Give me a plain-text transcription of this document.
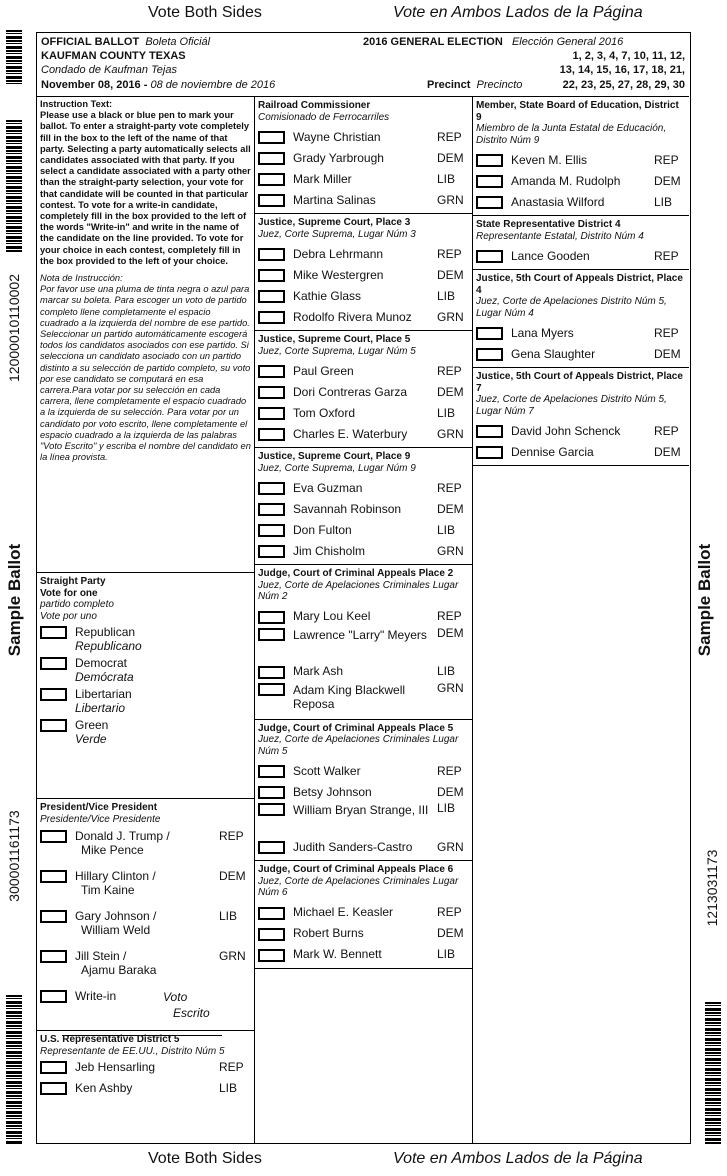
Vote Both Sides	Vote en Ambos Lados de la Página
12000010110002
Sample Ballot
300001161173
Sample Ballot
1213031173
OFFICIAL BALLOT Boleta Oficiál
KAUFMAN COUNTY TEXAS
Condado de Kaufman Tejas
November 08, 2016 - 08 de noviembre de 2016
2016 GENERAL ELECTION Elección General 2016
1, 2, 3, 4, 7, 10, 11, 12,
13, 14, 15, 16, 17, 18, 21,
Precinct Precincto	22, 23, 25, 27, 28, 29, 30

Instruction Text:
Please use a black or blue pen to mark your ballot. To enter a straight-party vote completely fill in the box to the left of the name of that party. Selecting a party automatically selects all candidates associated with that party. If you select a candidate associated with a party other than the straight-party selection, your vote for that candidate will be counted in that particular contest. To vote for a write-in candidate, completely fill in the box provided to the left of the words "Write-in" and write in the name of the candidate on the line provided. To vote for your choice in each contest, completely fill in the box provided to the left of your choice.

Nota de Instrucción:
Por favor use una pluma de tinta negra o azul para marcar su boleta. Para escoger un voto de partido completo llene completamente el espacio cuadrado a la izquierda del nombre de ese partido. Seleccionar un partido automáticamente escogerá todos los candidatos asociados con ese partido. Si selecciona un candidato asociado con un partido distinto a su selección de partido completo, su voto por ese candidato se computará en esa carrera.Para votar por su selección en cada carrera, llene completamente el espacio cuadrado a la izquierda de su selección. Para votar por un candidato por voto escrito, llene completamente el espacio cuadrado a la izquierda de las palabras "Voto Escrito" y escriba el nombre del candidato en la línea provista.

Straight Party
Vote for one
partido completo
Vote por uno
Republican
Republicano
Democrat
Demócrata
Libertarian
Libertario
Green
Verde
President/Vice President
Presidente/Vice Presidente
Donald J. Trump /
Mike Pence
REP
Hillary Clinton /
Tim Kaine
DEM
Gary Johnson /
William Weld
LIB
Jill Stein /
Ajamu Baraka
GRN
Write-in	Voto
Escrito
U.S. Representative District 5
Representante de EE.UU., Distrito Núm 5
Jeb Hensarling	REP
Ken Ashby	LIB
Railroad Commissioner
Comisionado de Ferrocarriles
Wayne Christian	REP
Grady Yarbrough	DEM
Mark Miller	LIB
Martina Salinas	GRN
Justice, Supreme Court, Place 3
Juez, Corte Suprema, Lugar Núm 3
Debra Lehrmann	REP
Mike Westergren	DEM
Kathie Glass	LIB
Rodolfo Rivera Munoz	GRN
Justice, Supreme Court, Place 5
Juez, Corte Suprema, Lugar Núm 5
Paul Green	REP
Dori Contreras Garza	DEM
Tom Oxford	LIB
Charles E. Waterbury	GRN
Justice, Supreme Court, Place 9
Juez, Corte Suprema, Lugar Núm 9
Eva Guzman	REP
Savannah Robinson	DEM
Don Fulton	LIB
Jim Chisholm	GRN
Judge, Court of Criminal Appeals Place 2
Juez, Corte de Apelaciones Criminales Lugar Núm 2
Mary Lou Keel	REP
Lawrence "Larry" Meyers DEM
Mark Ash	LIB
Adam King Blackwell Reposa
GRN
Judge, Court of Criminal Appeals Place 5
Juez, Corte de Apelaciones Criminales Lugar Núm 5
Scott Walker	REP
Betsy Johnson	DEM
William Bryan Strange, III LIB
Judith Sanders-Castro	GRN
Judge, Court of Criminal Appeals Place 6
Juez, Corte de Apelaciones Criminales Lugar Núm 6
Michael E. Keasler	REP
Robert Burns	DEM
Mark W. Bennett	LIB
Member, State Board of Education, District 9
Miembro de la Junta Estatal de Educación, Distrito Núm 9
Keven M. Ellis	REP
Amanda M. Rudolph	DEM
Anastasia Wilford	LIB
State Representative District 4
Representante Estatal, Distrito Núm 4
Lance Gooden	REP
Justice, 5th Court of Appeals District, Place 4
Juez, Corte de Apelaciones Distrito Núm 5, Lugar Núm 4
Lana Myers	REP
Gena Slaughter	DEM
Justice, 5th Court of Appeals District, Place 7
Juez, Corte de Apelaciones Distrito Núm 5, Lugar Núm 7
David John Schenck	REP
Dennise Garcia	DEM
Vote Both Sides	Vote en Ambos Lados de la Página
